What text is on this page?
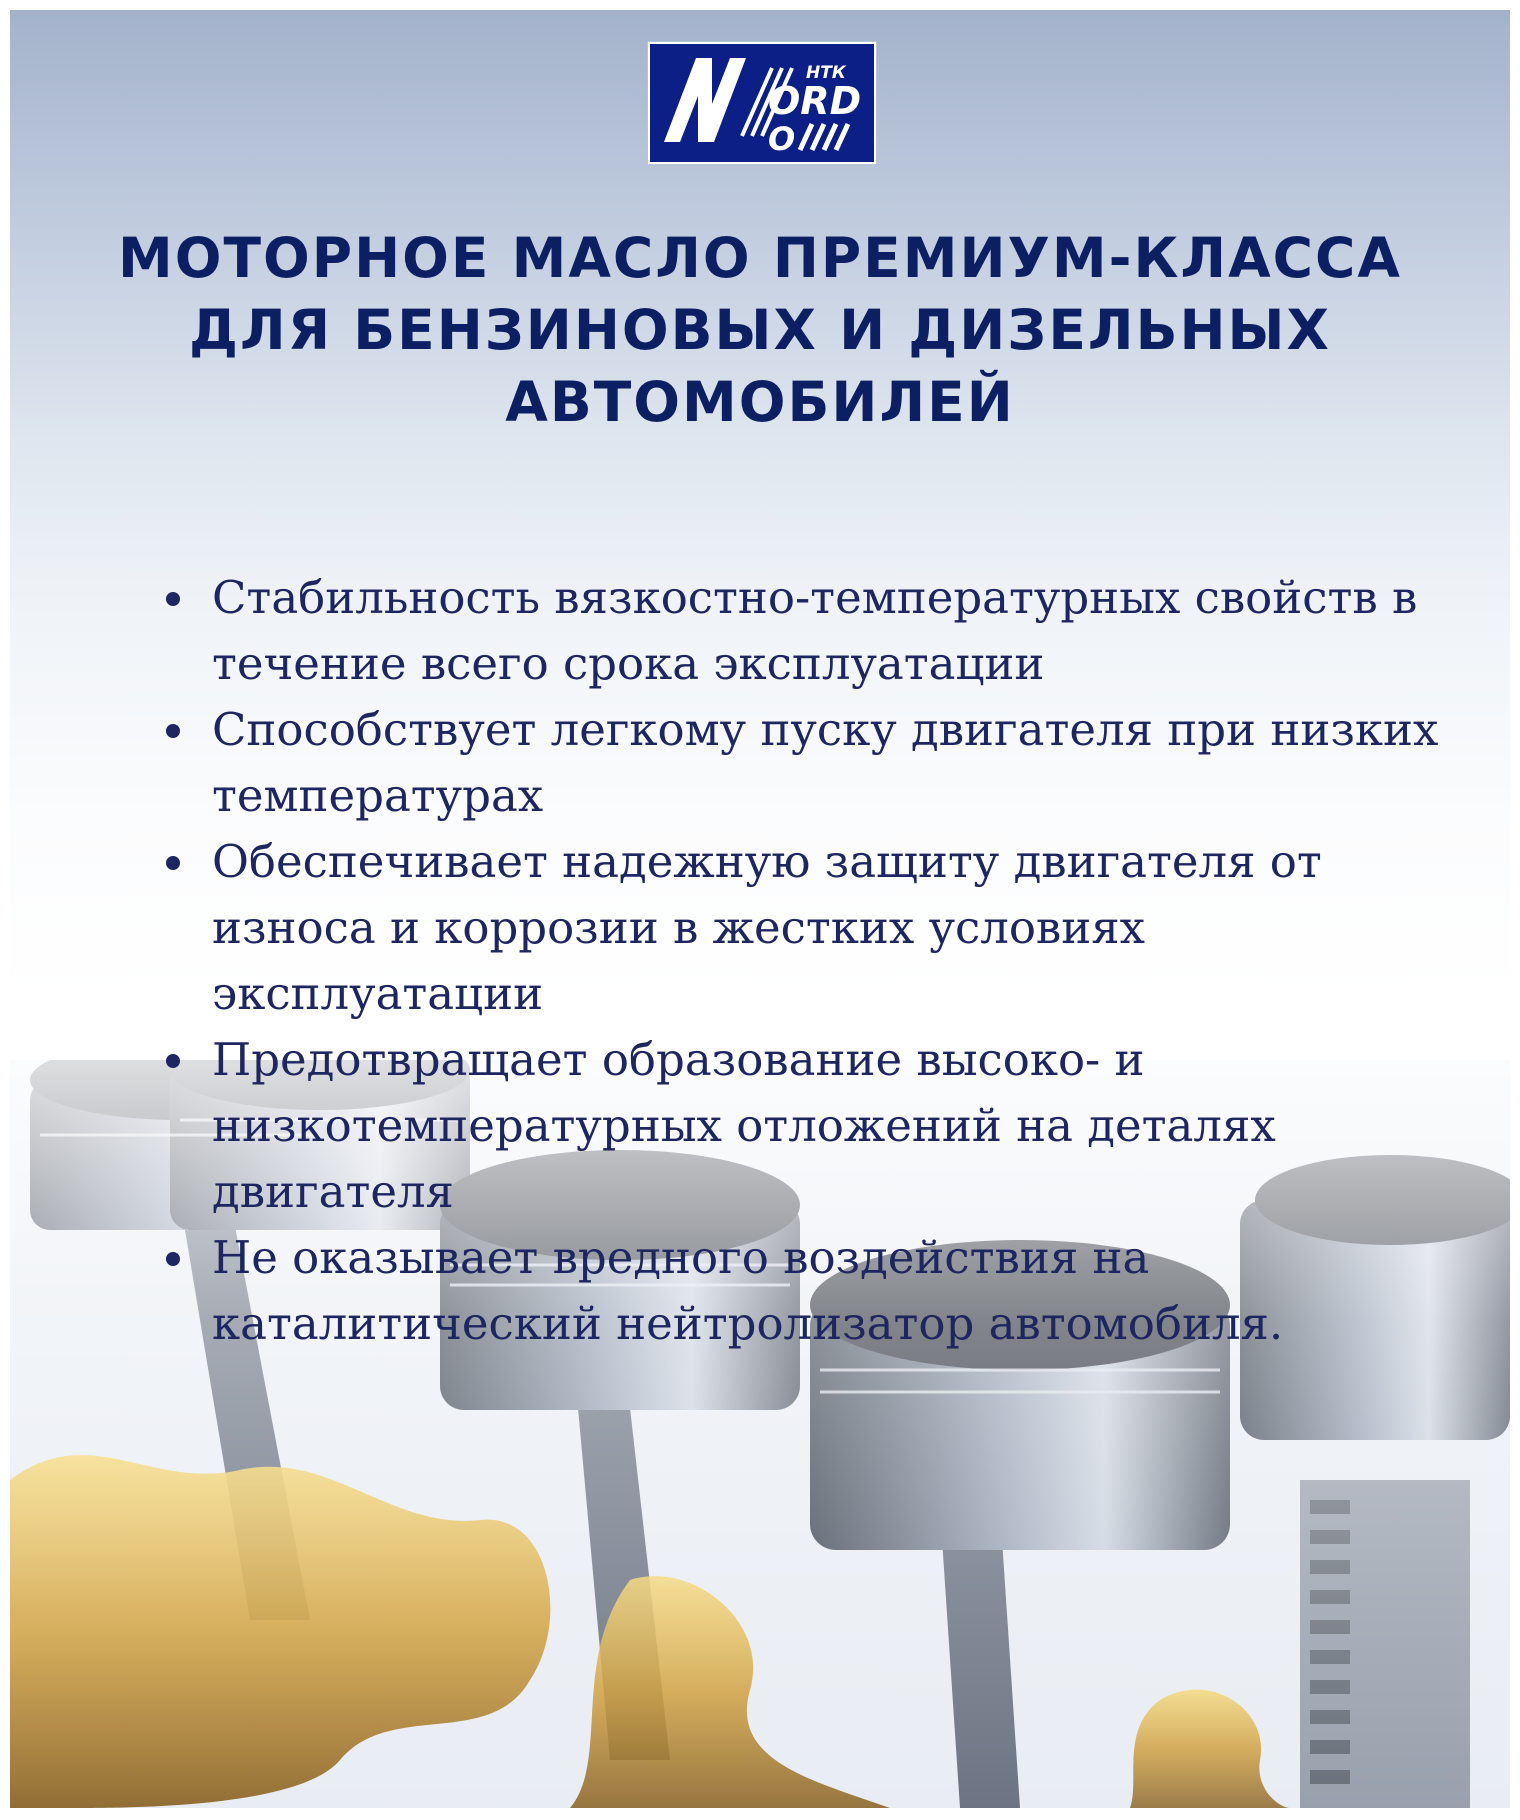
НТК
ORD
O
МОТОРНОЕ МАСЛО ПРЕМИУМ-КЛАССА
ДЛЯ БЕНЗИНОВЫХ И ДИЗЕЛЬНЫХ
АВТОМОБИЛЕЙ
Стабильность вязкостно-температурных свойств в течение всего срока эксплуатации
Способствует легкому пуску двигателя при низких температурах
Обеспечивает надежную защиту двигателя от износа и коррозии в жестких условиях эксплуатации
Предотвращает образование высоко- и низкотемпературных отложений на деталях двигателя
Не оказывает вредного воздействия на каталитический нейтролизатор автомобиля.
